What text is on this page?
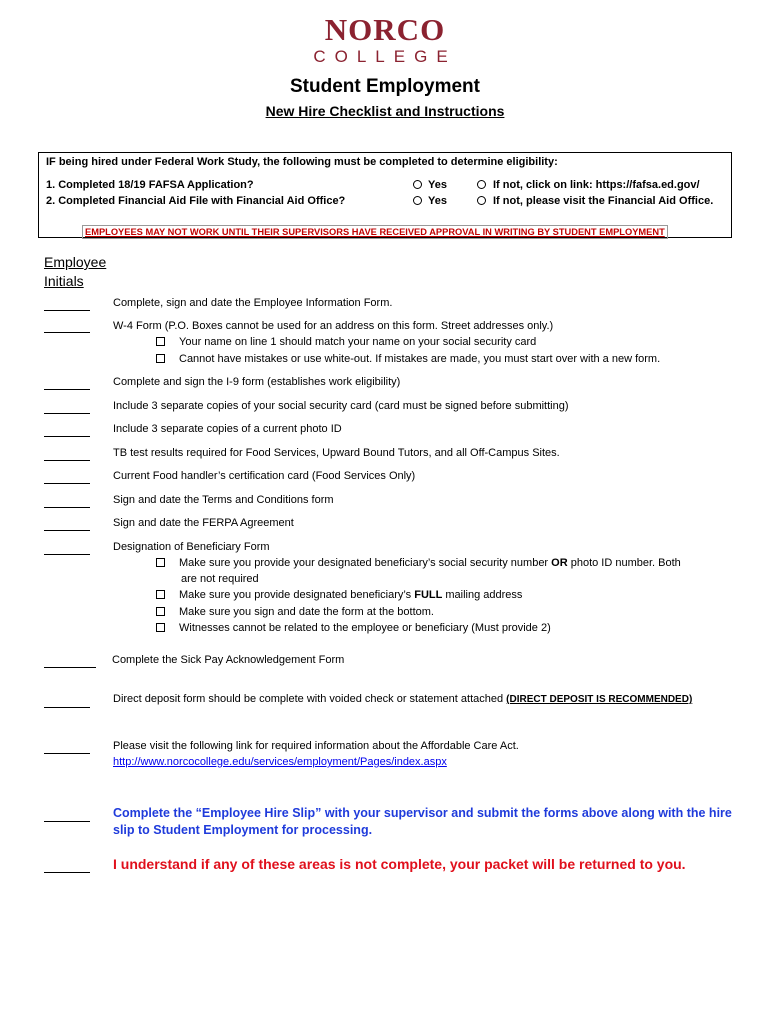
NORCO
COLLEGE
Student Employment
New Hire Checklist and Instructions
IF being hired under Federal Work Study, the following must be completed to determine eligibility:
1. Completed 18/19 FAFSA Application?	Yes	If not, click on link: https://fafsa.ed.gov/
2. Completed Financial Aid File with Financial Aid Office?	Yes	If not, please visit the Financial Aid Office.
EMPLOYEES MAY NOT WORK UNTIL THEIR SUPERVISORS HAVE RECEIVED APPROVAL IN WRITING BY STUDENT EMPLOYMENT
Employee
Initials
Complete, sign and date the Employee Information Form.
W-4 Form (P.O. Boxes cannot be used for an address on this form. Street addresses only.)
Your name on line 1 should match your name on your social security card
Cannot have mistakes or use white-out. If mistakes are made, you must start over with a new form.
Complete and sign the I-9 form (establishes work eligibility)
Include 3 separate copies of your social security card (card must be signed before submitting)
Include 3 separate copies of a current photo ID
TB test results required for Food Services, Upward Bound Tutors, and all Off-Campus Sites.
Current Food handler’s certification card (Food Services Only)
Sign and date the Terms and Conditions form
Sign and date the FERPA Agreement
Designation of Beneficiary Form
Make sure you provide your designated beneficiary’s social security number OR photo ID number. Both
are not required
Make sure you provide designated beneficiary’s FULL mailing address
Make sure you sign and date the form at the bottom.
Witnesses cannot be related to the employee or beneficiary (Must provide 2)
Complete the Sick Pay Acknowledgement Form
Direct deposit form should be complete with voided check or statement attached (DIRECT DEPOSIT IS RECOMMENDED)
Please visit the following link for required information about the Affordable Care Act.
http://www.norcocollege.edu/services/employment/Pages/index.aspx
Complete the “Employee Hire Slip” with your supervisor and submit the forms above along with the hire
slip to Student Employment for processing.
I understand if any of these areas is not complete, your packet will be returned to you.
